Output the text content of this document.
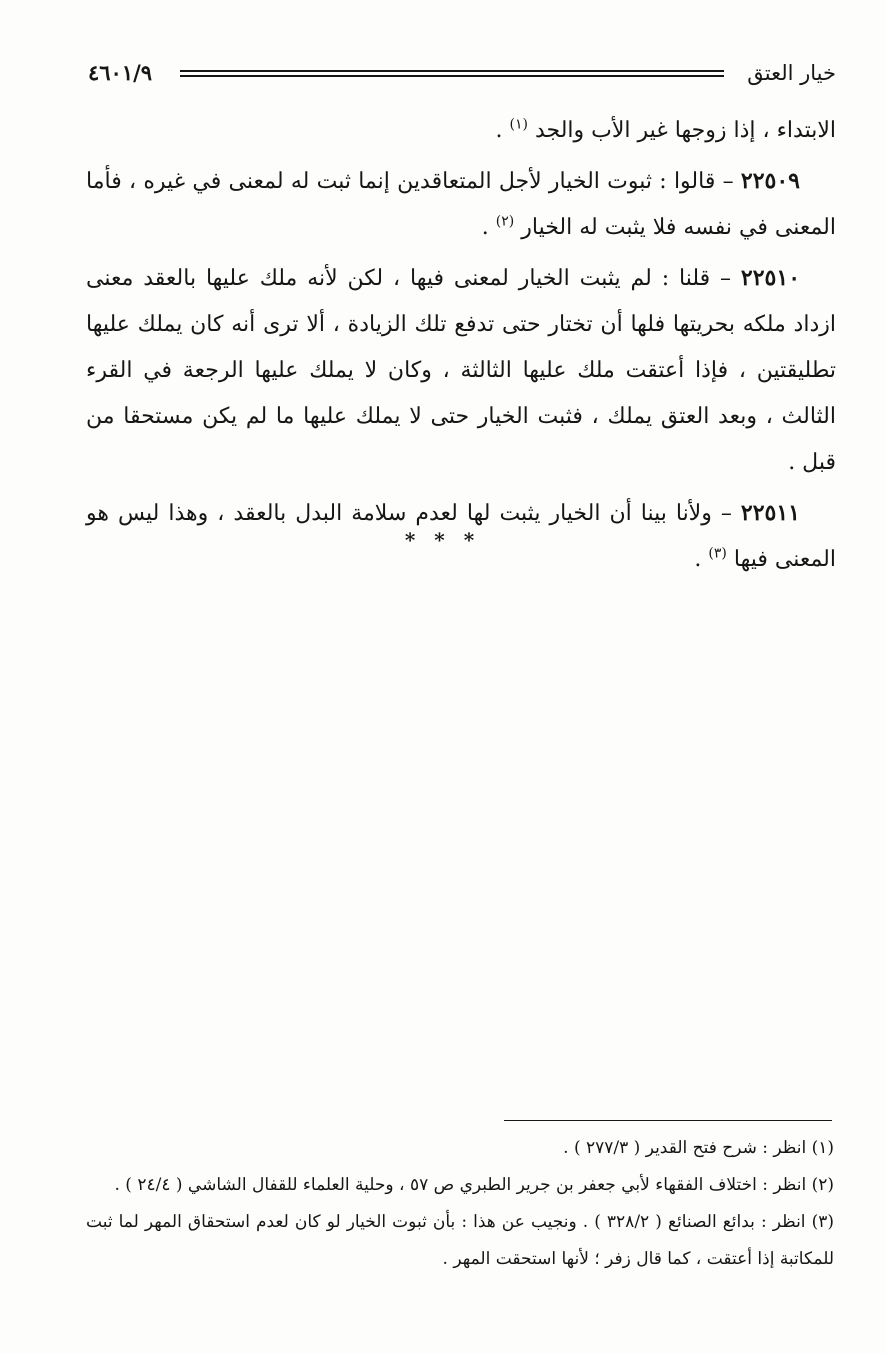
خيار العتق
٤٦٠١/٩

الابتداء ، إذا زوجها غير الأب والجد $^{(١)}$ .

٢٢٥٠٩ – قالوا : ثبوت الخيار لأجل المتعاقدين إنما ثبت له لمعنى في غيره ، فأما المعنى في نفسه فلا يثبت له الخيار $^{(٢)}$ .

٢٢٥١٠ – قلنا : لم يثبت الخيار لمعنى فيها ، لكن لأنه ملك عليها بالعقد معنى ازداد ملكه بحريتها فلها أن تختار حتى تدفع تلك الزيادة ، ألا ترى أنه كان يملك عليها تطليقتين ، فإذا أعتقت ملك عليها الثالثة ، وكان لا يملك عليها الرجعة في القرء الثالث ، وبعد العتق يملك ، فثبت الخيار حتى لا يملك عليها ما لم يكن مستحقا من قبل .

٢٢٥١١ – ولأنا بينا أن الخيار يثبت لها لعدم سلامة البدل بالعقد ، وهذا ليس هو المعنى فيها $^{(٣)}$ .

* * *

(١) انظر : شرح فتح القدير ( ٢٧٧/٣ ) .

(٢) انظر : اختلاف الفقهاء لأبي جعفر بن جرير الطبري ص ٥٧ ، وحلية العلماء للقفال الشاشي ( ٢٤/٤ ) .

(٣) انظر : بدائع الصنائع ( ٣٢٨/٢ ) . ونجيب عن هذا : بأن ثبوت الخيار لو كان لعدم استحقاق المهر لما ثبت للمكاتبة إذا أعتقت ، كما قال زفر ؛ لأنها استحقت المهر .
